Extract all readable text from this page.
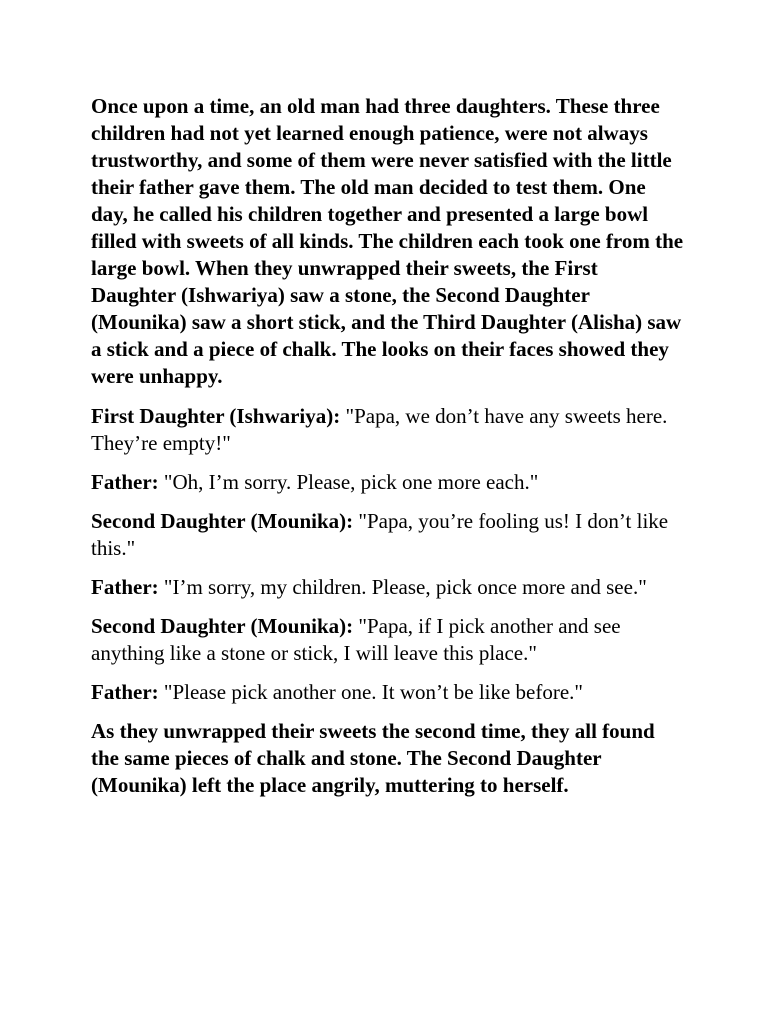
Once upon a time, an old man had three daughters. These three children had not yet learned enough patience, were not always trustworthy, and some of them were never satisfied with the little their father gave them. The old man decided to test them. One day, he called his children together and presented a large bowl filled with sweets of all kinds. The children each took one from the large bowl. When they unwrapped their sweets, the First Daughter (Ishwariya) saw a stone, the Second Daughter (Mounika) saw a short stick, and the Third Daughter (Alisha) saw a stick and a piece of chalk. The looks on their faces showed they were unhappy.

First Daughter (Ishwariya): "Papa, we don’t have any sweets here. They’re empty!"

Father: "Oh, I’m sorry. Please, pick one more each."

Second Daughter (Mounika): "Papa, you’re fooling us! I don’t like this."

Father: "I’m sorry, my children. Please, pick once more and see."

Second Daughter (Mounika): "Papa, if I pick another and see anything like a stone or stick, I will leave this place."

Father: "Please pick another one. It won’t be like before."

As they unwrapped their sweets the second time, they all found the same pieces of chalk and stone. The Second Daughter (Mounika) left the place angrily, muttering to herself.
